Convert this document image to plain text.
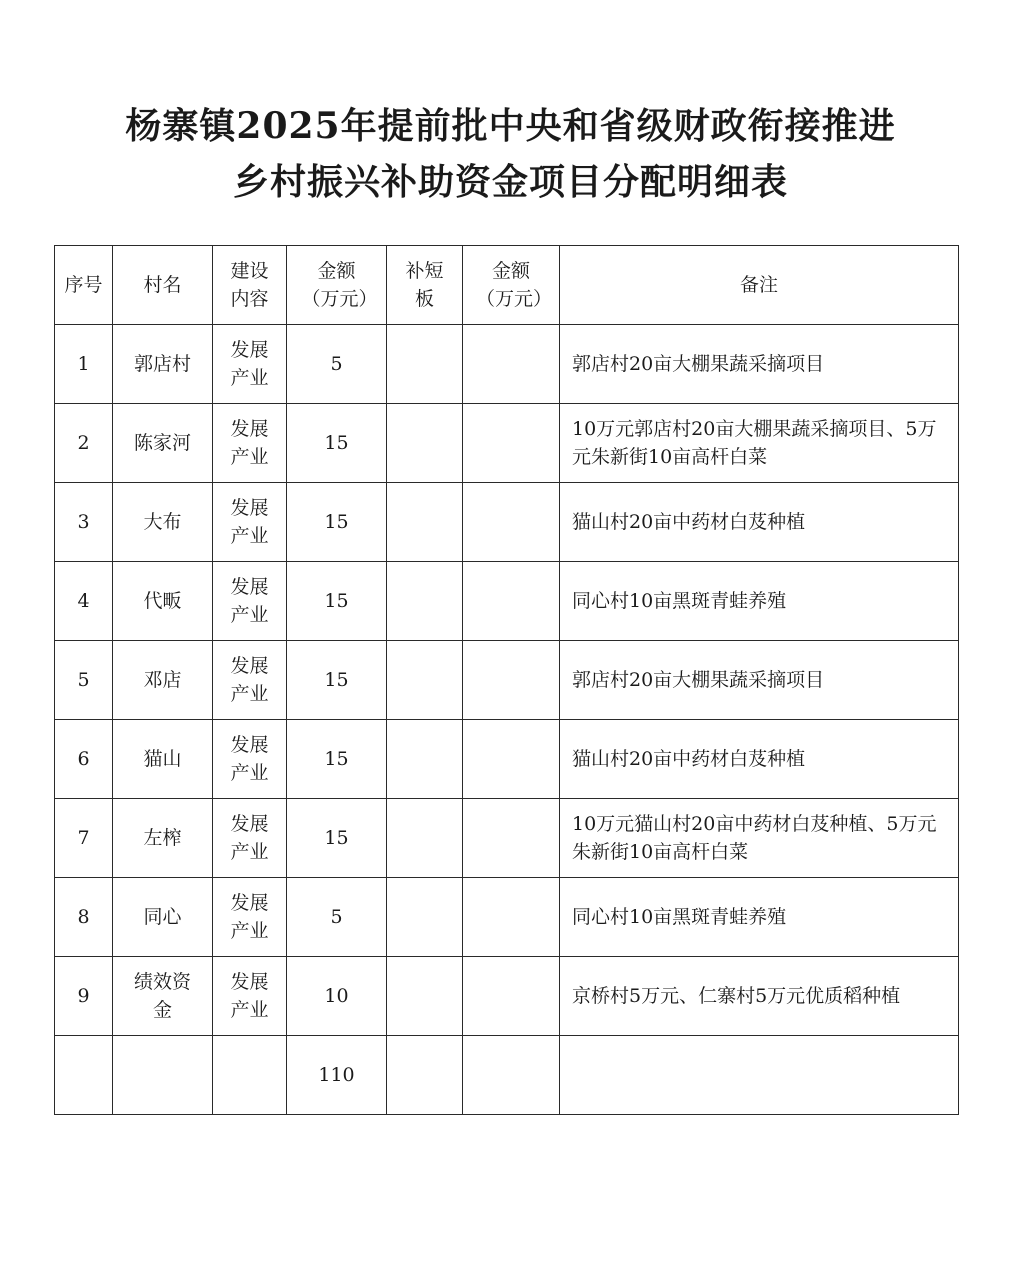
杨寨镇2025年提前批中央和省级财政衔接推进
乡村振兴补助资金项目分配明细表
序号	村名	建设内容	金额（万元）	补短板	金额（万元）	备注
1	郭店村	发展产业	5			郭店村20亩大棚果蔬采摘项目
2	陈家河	发展产业	15			10万元郭店村20亩大棚果蔬采摘项目、5万元朱新街10亩高杆白菜
3	大布	发展产业	15			猫山村20亩中药材白芨种植
4	代畈	发展产业	15			同心村10亩黑斑青蛙养殖
5	邓店	发展产业	15			郭店村20亩大棚果蔬采摘项目
6	猫山	发展产业	15			猫山村20亩中药材白芨种植
7	左榨	发展产业	15			10万元猫山村20亩中药材白芨种植、5万元朱新街10亩高杆白菜
8	同心	发展产业	5			同心村10亩黑斑青蛙养殖
9	绩效资金	发展产业	10			京桥村5万元、仁寨村5万元优质稻种植
			110			
